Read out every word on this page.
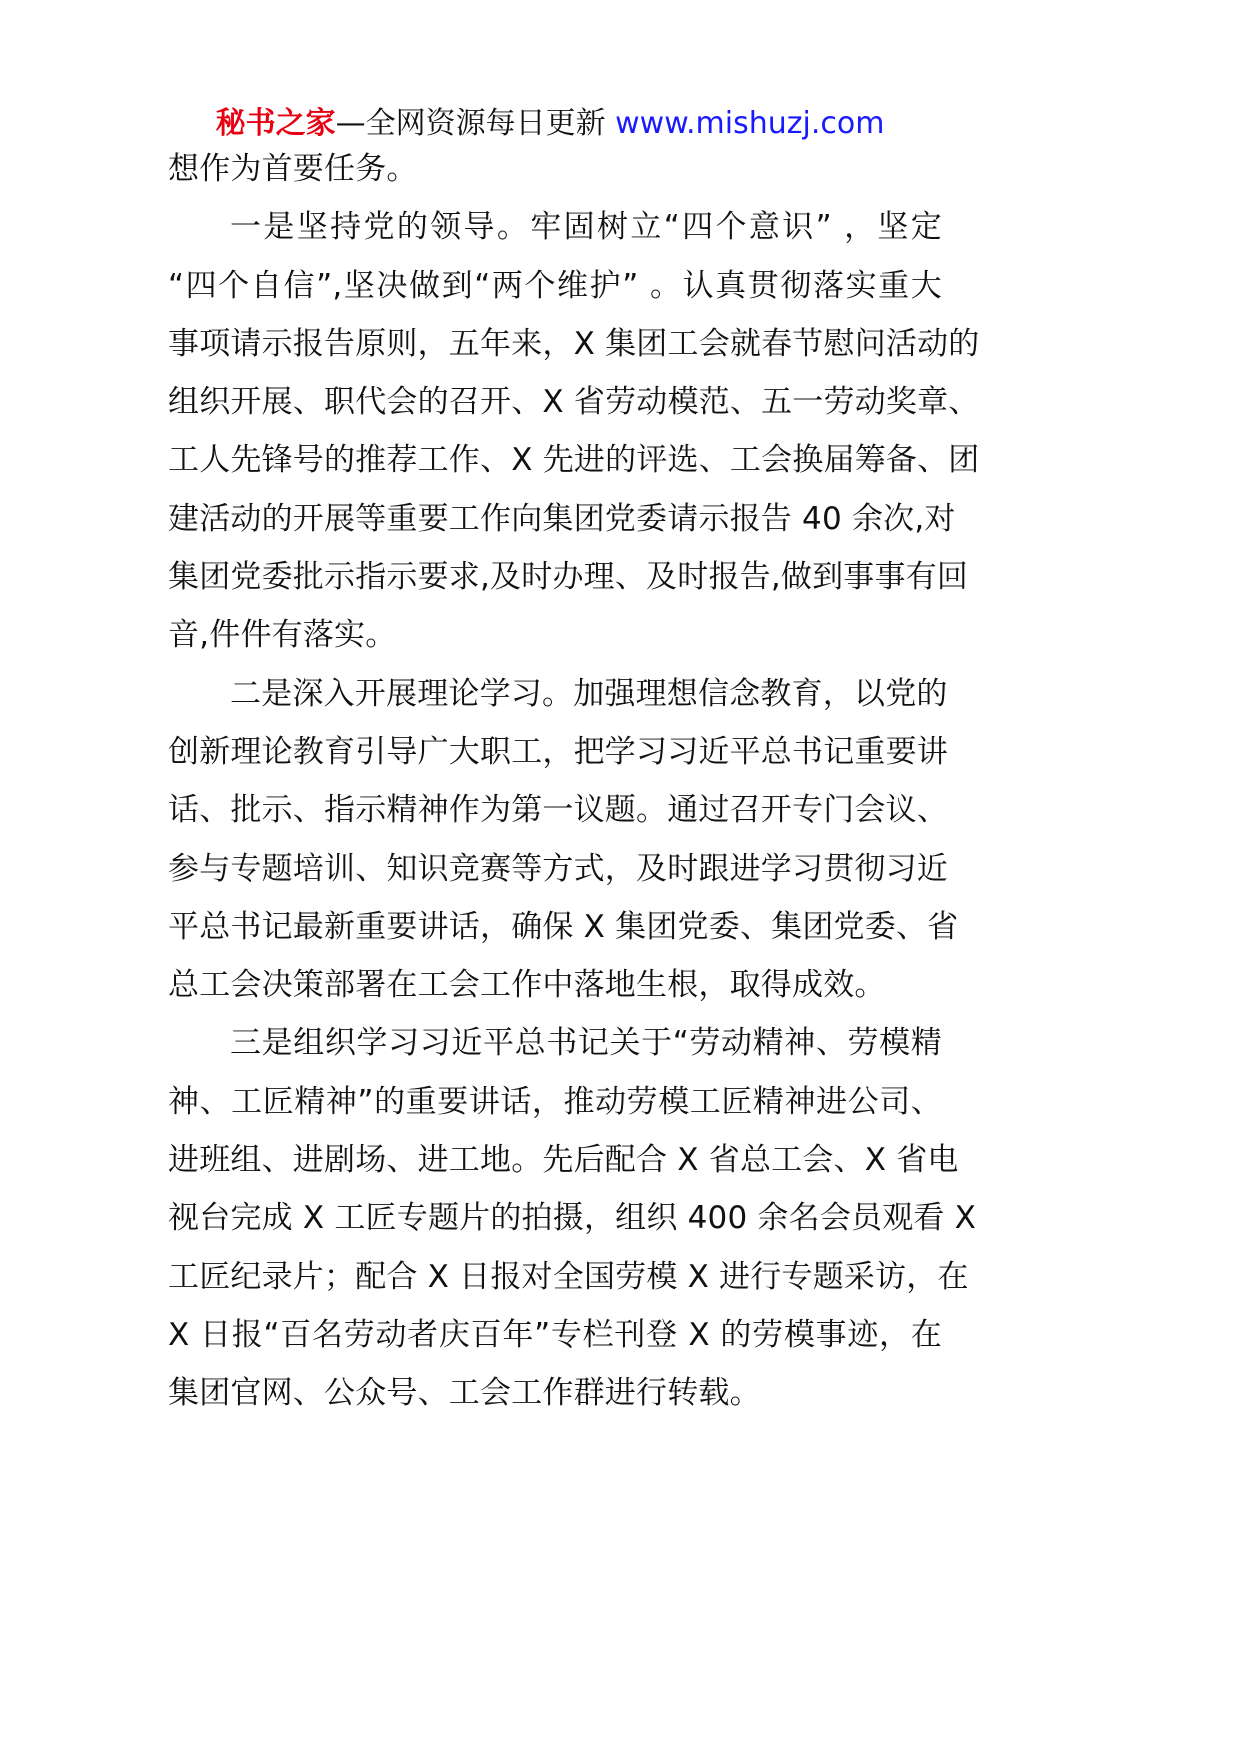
秘书之家—全网资源每日更新 www.mishuzj.com
想作为首要任务。
一是坚持党的领导。牢固树立“四个意识” ，坚定
“四个自信”,坚决做到“两个维护” 。认真贯彻落实重大
事项请示报告原则，五年来，X 集团工会就春节慰问活动的
组织开展、职代会的召开、X 省劳动模范、五一劳动奖章、
工人先锋号的推荐工作、X 先进的评选、工会换届筹备、团
建活动的开展等重要工作向集团党委请示报告 40 余次,对
集团党委批示指示要求,及时办理、及时报告,做到事事有回
音,件件有落实。
二是深入开展理论学习。加强理想信念教育，以党的
创新理论教育引导广大职工，把学习习近平总书记重要讲
话、批示、指示精神作为第一议题。通过召开专门会议、
参与专题培训、知识竞赛等方式，及时跟进学习贯彻习近
平总书记最新重要讲话，确保 X 集团党委、集团党委、省
总工会决策部署在工会工作中落地生根，取得成效。
三是组织学习习近平总书记关于“劳动精神、劳模精
神、工匠精神”的重要讲话，推动劳模工匠精神进公司、
进班组、进剧场、进工地。先后配合 X 省总工会、X 省电
视台完成 X 工匠专题片的拍摄，组织 400 余名会员观看 X
工匠纪录片；配合 X 日报对全国劳模 X 进行专题采访，在
X 日报“百名劳动者庆百年”专栏刊登 X 的劳模事迹，在
集团官网、公众号、工会工作群进行转载。
